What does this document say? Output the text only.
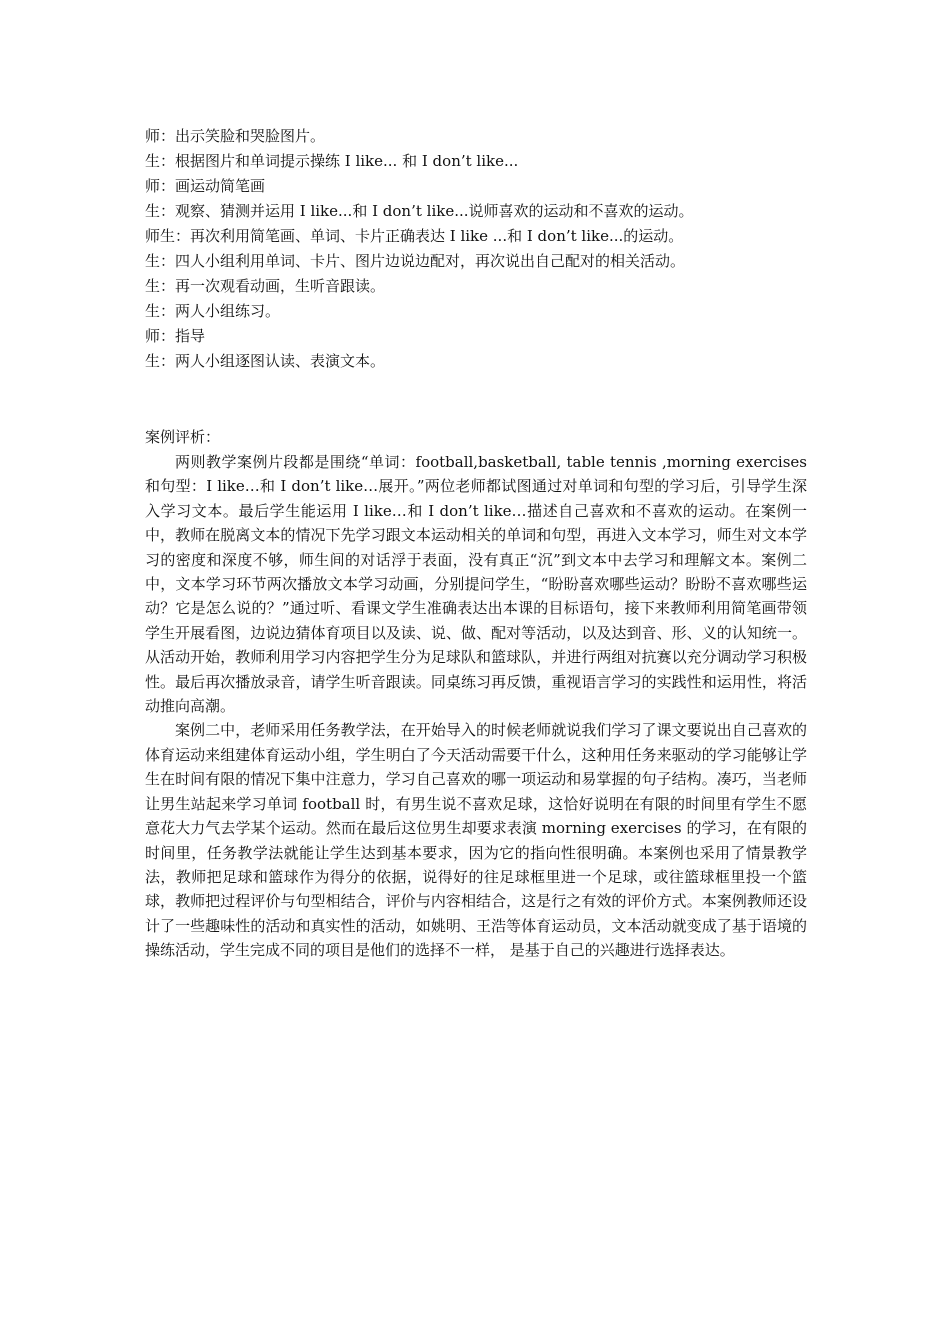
师：出示笑脸和哭脸图片。

生：根据图片和单词提示操练 I like... 和 I don’t like...

师：画运动简笔画

生：观察、猜测并运用 I like...和 I don’t like...说师喜欢的运动和不喜欢的运动。

师生：再次利用简笔画、单词、卡片正确表达 I like ...和 I don’t like...的运动。

生：四人小组利用单词、卡片、图片边说边配对，再次说出自己配对的相关活动。

生：再一次观看动画，生听音跟读。

生：两人小组练习。

师：指导

生：两人小组逐图认读、表演文本。

案例评析：

两则教学案例片段都是围绕“单词：football,basketball, table tennis ,morning exercises 和句型：I like…和 I don’t like…展开。”两位老师都试图通过对单词和句型的学习后，引导学生深入学习文本。最后学生能运用 I like…和 I don’t like…描述自己喜欢和不喜欢的运动。在案例一中，教师在脱离文本的情况下先学习跟文本运动相关的单词和句型，再进入文本学习，师生对文本学习的密度和深度不够，师生间的对话浮于表面，没有真正“沉”到文本中去学习和理解文本。案例二中，文本学习环节两次播放文本学习动画，分别提问学生，“盼盼喜欢哪些运动？盼盼不喜欢哪些运动？它是怎么说的？”通过听、看课文学生准确表达出本课的目标语句，接下来教师利用简笔画带领学生开展看图，边说边猜体育项目以及读、说、做、配对等活动，以及达到音、形、义的认知统一。从活动开始，教师利用学习内容把学生分为足球队和篮球队，并进行两组对抗赛以充分调动学习积极性。最后再次播放录音，请学生听音跟读。同桌练习再反馈，重视语言学习的实践性和运用性，将活动推向高潮。

案例二中，老师采用任务教学法，在开始导入的时候老师就说我们学习了课文要说出自己喜欢的体育运动来组建体育运动小组，学生明白了今天活动需要干什么，这种用任务来驱动的学习能够让学生在时间有限的情况下集中注意力，学习自己喜欢的哪一项运动和易掌握的句子结构。凑巧，当老师让男生站起来学习单词 football 时，有男生说不喜欢足球，这恰好说明在有限的时间里有学生不愿意花大力气去学某个运动。然而在最后这位男生却要求表演 morning exercises 的学习，在有限的时间里，任务教学法就能让学生达到基本要求，因为它的指向性很明确。本案例也采用了情景教学法，教师把足球和篮球作为得分的依据，说得好的往足球框里进一个足球，或往篮球框里投一个篮球，教师把过程评价与句型相结合，评价与内容相结合，这是行之有效的评价方式。本案例教师还设计了一些趣味性的活动和真实性的活动，如姚明、王浩等体育运动员，文本活动就变成了基于语境的操练活动，学生完成不同的项目是他们的选择不一样， 是基于自己的兴趣进行选择表达。
